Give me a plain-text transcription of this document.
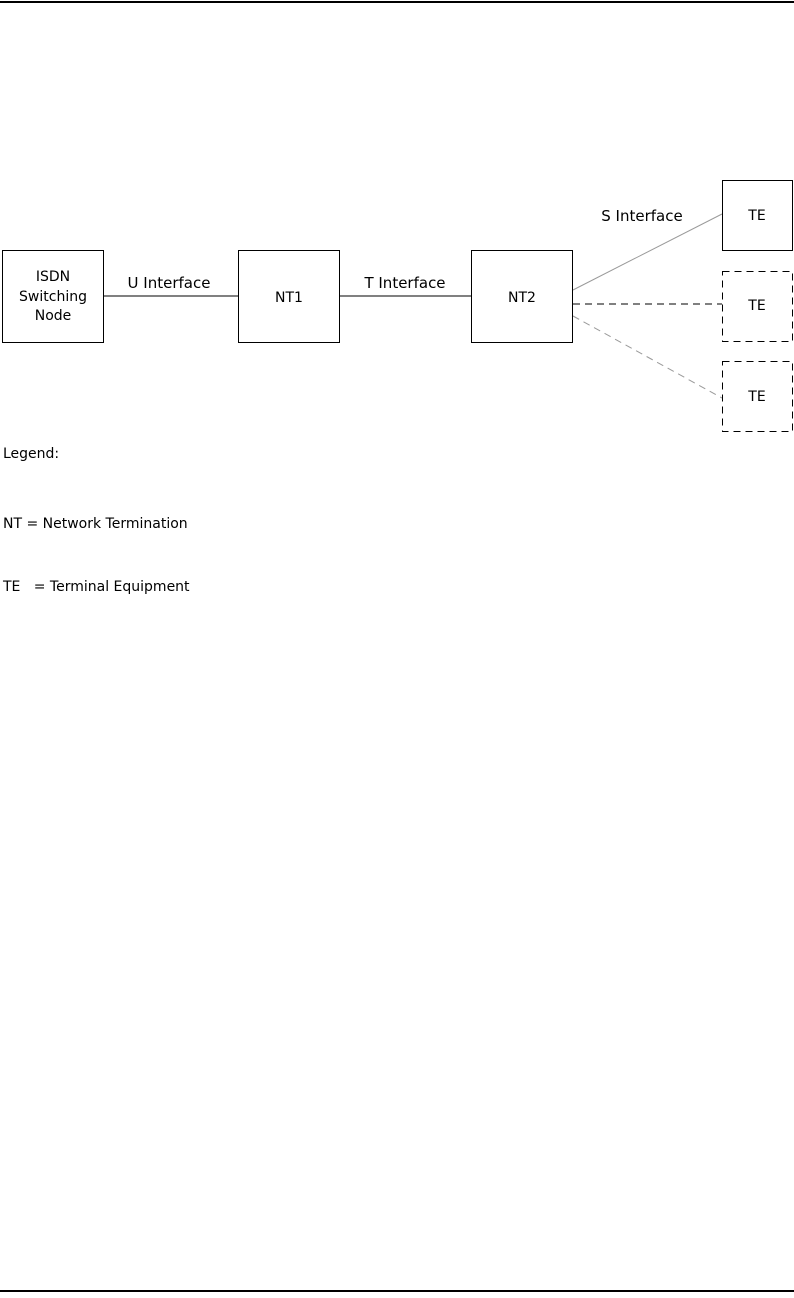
ISDN
Switching
Node
NT1	NT2
TE
TE
TE
U Interface	T Interface
S Interface

Legend:

NT = Network Termination

TE   = Terminal Equipment
